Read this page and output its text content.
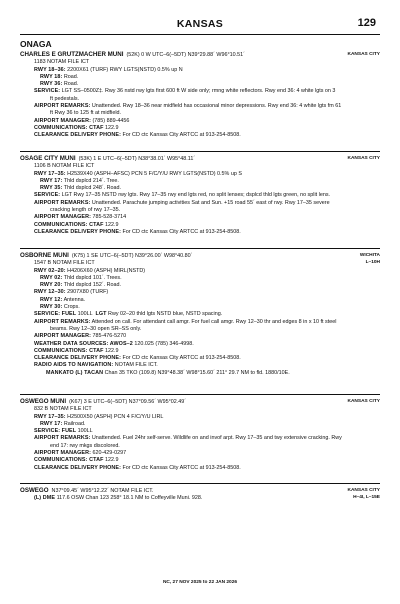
KANSAS	129
ONAGA
KANSAS CITY
CHARLES E GRUTZMACHER MUNI (52K) 0 W UTC–6(–5DT) N39°29.88´ W96°10.51´
1183 NOTAM FILE ICT
RWY 18–36: 2200X61 (TURF) RWY LGTS(NSTD) 0.5% up N
RWY 18: Road.
RWY 36: Road.
SERVICE: LGT SS–0500Z‡. Rwy 36 nstd rwy lgts first 600 ft W side only; rmng white reflectors. Rwy end 36: 4 white lgts on 3
ft pedestals.
AIRPORT REMARKS: Unattended. Rwy 18–36 near midfield has occasional minor depressions. Rwy end 36: 4 white lgts fm 61
ft Rwy 36 to 125 ft at midfield.
AIRPORT MANAGER: (785) 889-4456
COMMUNICATIONS: CTAF 122.9
CLEARANCE DELIVERY PHONE: For CD ctc Kansas City ARTCC at 913-254-8508.
KANSAS CITY
OSAGE CITY MUNI (53K) 1 E UTC–6(–5DT) N38°38.01´ W95°48.11´
1106 B NOTAM FILE ICT
RWY 17–35: H2539X40 (ASPH–AFSC) PCN 5 F/C/Y/U RWY LGTS(NSTD) 0.5% up S
RWY 17: Thld dsplcd 214´. Tree.
RWY 35: Thld dsplcd 248´. Road.
SERVICE: LGT Rwy 17–35 NSTD rwy lgts. Rwy 17–35 rwy end lgts red, no split lenses; dsplcd thld lgts green, no split lens.
AIRPORT REMARKS: Unattended. Parachute jumping activities Sat and Sun. +15 road 55´ east of rwy. Rwy 17–35 severe
cracking length of rwy 17–35.
AIRPORT MANAGER: 785-528-3714
COMMUNICATIONS: CTAF 122.9
CLEARANCE DELIVERY PHONE: For CD ctc Kansas City ARTCC at 913-254-8508.
WICHITA
L–10H
OSBORNE MUNI (K75) 1 SE UTC–6(–5DT) N39°26.00´ W98°40.80´
1547 B NOTAM FILE ICT
RWY 02–20: H4206X60 (ASPH) MIRL(NSTD)
RWY 02: Thld dsplcd 101´. Trees.
RWY 20: Thld dsplcd 152´. Road.
RWY 12–30: 2907X80 (TURF)
RWY 12: Antenna.
RWY 30: Crops.
SERVICE: FUEL 100LL LGT Rwy 02–20 thld lgts NSTD blue, NSTD spacing.
AIRPORT REMARKS: Attended on call. For attendant call amgr. For fuel call amgr. Rwy 12–30 thr and edges 8 in x 10 ft steel
beams. Rwy 12–30 open SR–SS only.
AIRPORT MANAGER: 785-476-5270
WEATHER DATA SOURCES: AWOS–2 120.025 (785) 346-4998.
COMMUNICATIONS: CTAF 122.9
CLEARANCE DELIVERY PHONE: For CD ctc Kansas City ARTCC at 913-254-8508.
RADIO AIDS TO NAVIGATION: NOTAM FILE ICT.
MANKATO (L) TACAN Chan 35 TKO (109.8) N39°48.38´ W98°15.60´ 211° 29.7 NM to fld. 1880/10E.
KANSAS CITY
OSWEGO MUNI (K67) 3 E UTC–6(–5DT) N37°09.56´ W95°02.49´
832 B NOTAM FILE ICT
RWY 17–35: H2500X50 (ASPH) PCN 4 F/C/Y/U LIRL
RWY 17: Railroad.
SERVICE: FUEL 100LL
AIRPORT REMARKS: Unattended. Fuel 24hr self-serve. Wildlife on and invof arpt. Rwy 17–35 and twy extensive cracking. Rwy
end 17: rwy mkgs discolored.
AIRPORT MANAGER: 620-429-0297
COMMUNICATIONS: CTAF 122.9
CLEARANCE DELIVERY PHONE: For CD ctc Kansas City ARTCC at 913-254-8508.
KANSAS CITY
H–4I, L–15E
OSWEGO N37°09.45´ W95°12.22´ NOTAM FILE ICT.
(L) DME 117.6 OSW Chan 123 258° 18.1 NM to Coffeyville Muni. 928.
NC, 27 NOV 2025 to 22 JAN 2026
